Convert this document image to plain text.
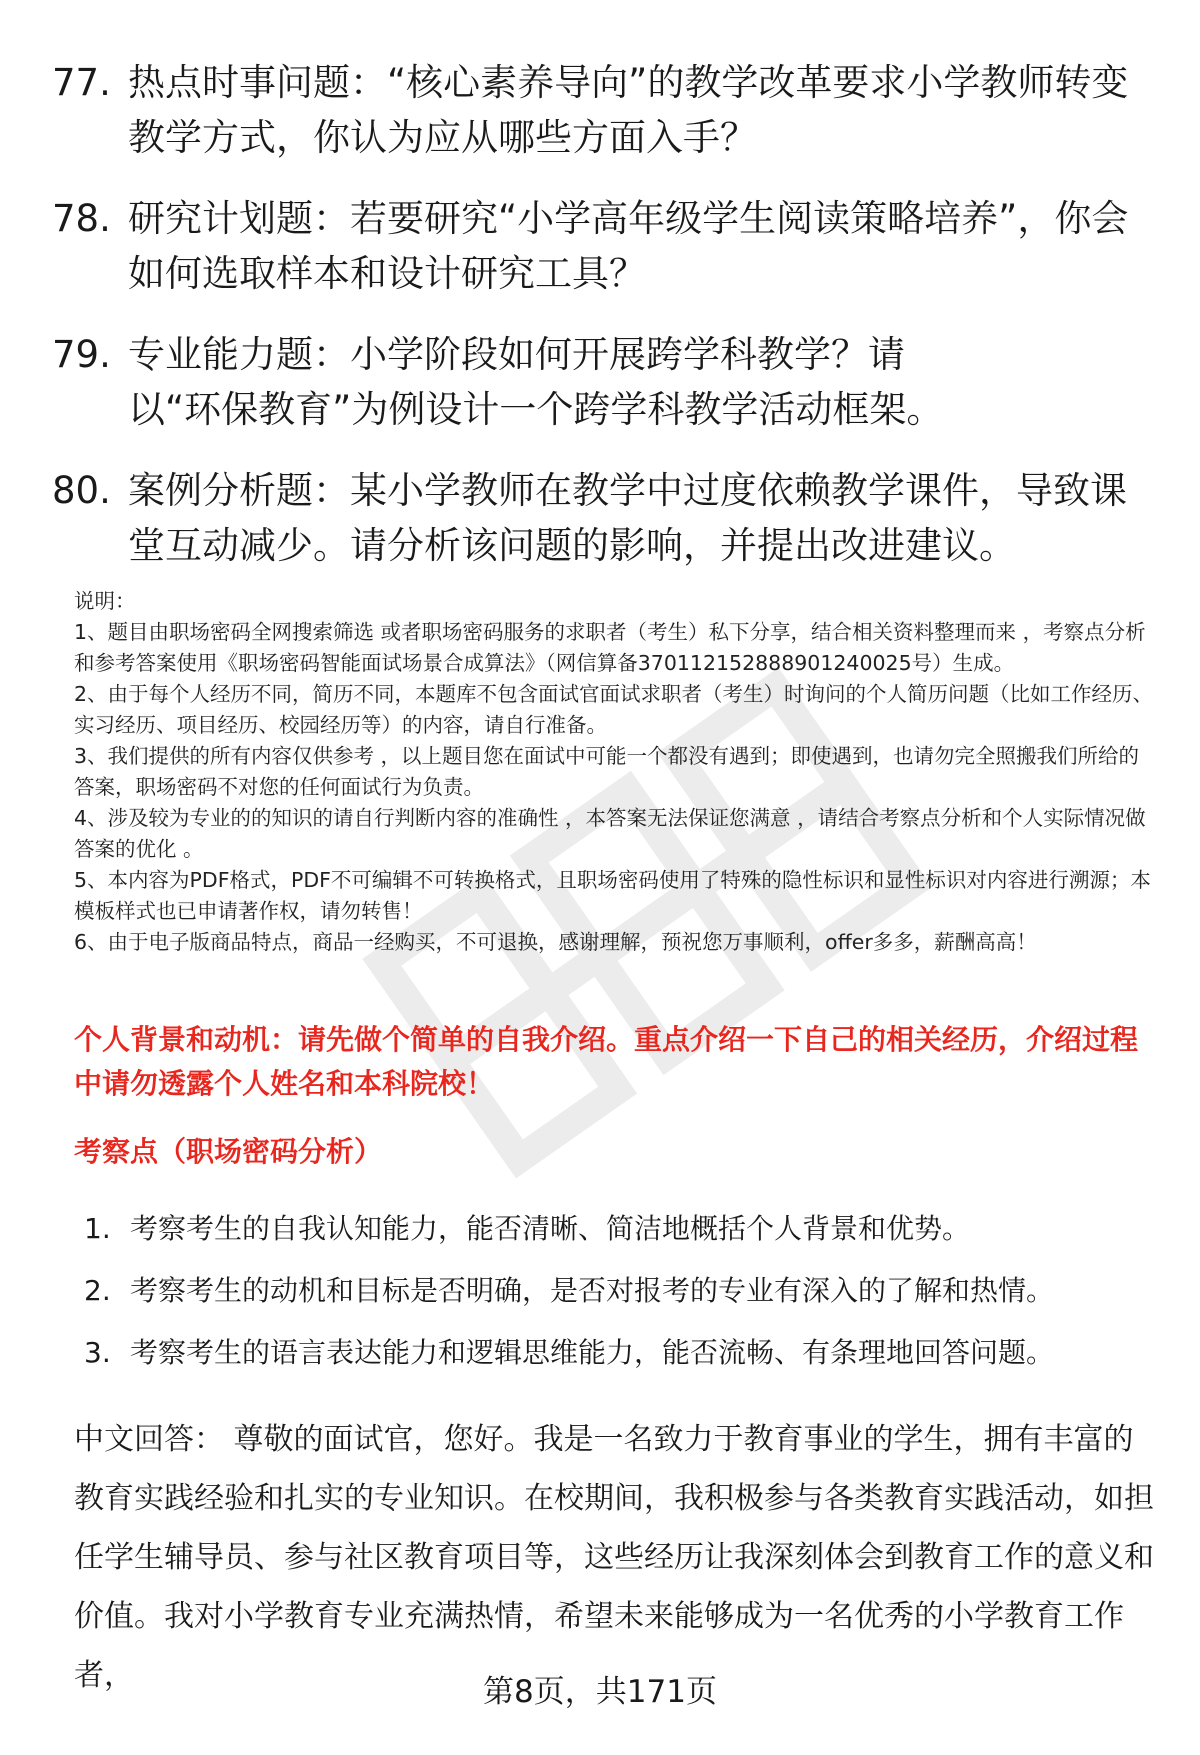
77. 热点时事问题：“核心素养导向”的教学改革要求小学教师转变教学方式，你认为应从哪些方面入手？
78. 研究计划题：若要研究“小学高年级学生阅读策略培养”，你会如何选取样本和设计研究工具？
79. 专业能力题：小学阶段如何开展跨学科教学？请以“环保教育”为例设计一个跨学科教学活动框架。
80. 案例分析题：某小学教师在教学中过度依赖教学课件，导致课堂互动减少。请分析该问题的影响，并提出改进建议。

说明：

1、题目由职场密码全网搜索筛选 或者职场密码服务的求职者（考生）私下分享，结合相关资料整理而来 ，考察点分析和参考答案使用《职场密码智能面试场景合成算法》（网信算备370112152888901240025号）生成。

2、由于每个人经历不同，简历不同，本题库不包含面试官面试求职者（考生）时询问的个人简历问题（比如工作经历、实习经历、项目经历、校园经历等）的内容，请自行准备。

3、我们提供的所有内容仅供参考 ，以上题目您在面试中可能一个都没有遇到；即使遇到，也请勿完全照搬我们所给的答案，职场密码不对您的任何面试行为负责。

4、涉及较为专业的的知识的请自行判断内容的准确性 ，本答案无法保证您满意 ，请结合考察点分析和个人实际情况做答案的优化 。

5、本内容为PDF格式，PDF不可编辑不可转换格式，且职场密码使用了特殊的隐性标识和显性标识对内容进行溯源；本模板样式也已申请著作权，请勿转售！

6、由于电子版商品特点，商品一经购买，不可退换，感谢理解，预祝您万事顺利，offer多多，薪酬高高！

个人背景和动机：请先做个简单的自我介绍。重点介绍一下自己的相关经历，介绍过程中请勿透露个人姓名和本科院校！
考察点（职场密码分析）
1. 考察考生的自我认知能力，能否清晰、简洁地概括个人背景和优势。
2. 考察考生的动机和目标是否明确，是否对报考的专业有深入的了解和热情。
3. 考察考生的语言表达能力和逻辑思维能力，能否流畅、有条理地回答问题。
中文回答： 尊敬的面试官，您好。我是一名致力于教育事业的学生，拥有丰富的教育实践经验和扎实的专业知识。在校期间，我积极参与各类教育实践活动，如担任学生辅导员、参与社区教育项目等，这些经历让我深刻体会到教育工作的意义和价值。我对小学教育专业充满热情，希望未来能够成为一名优秀的小学教育工作者，	第8页，共171页
